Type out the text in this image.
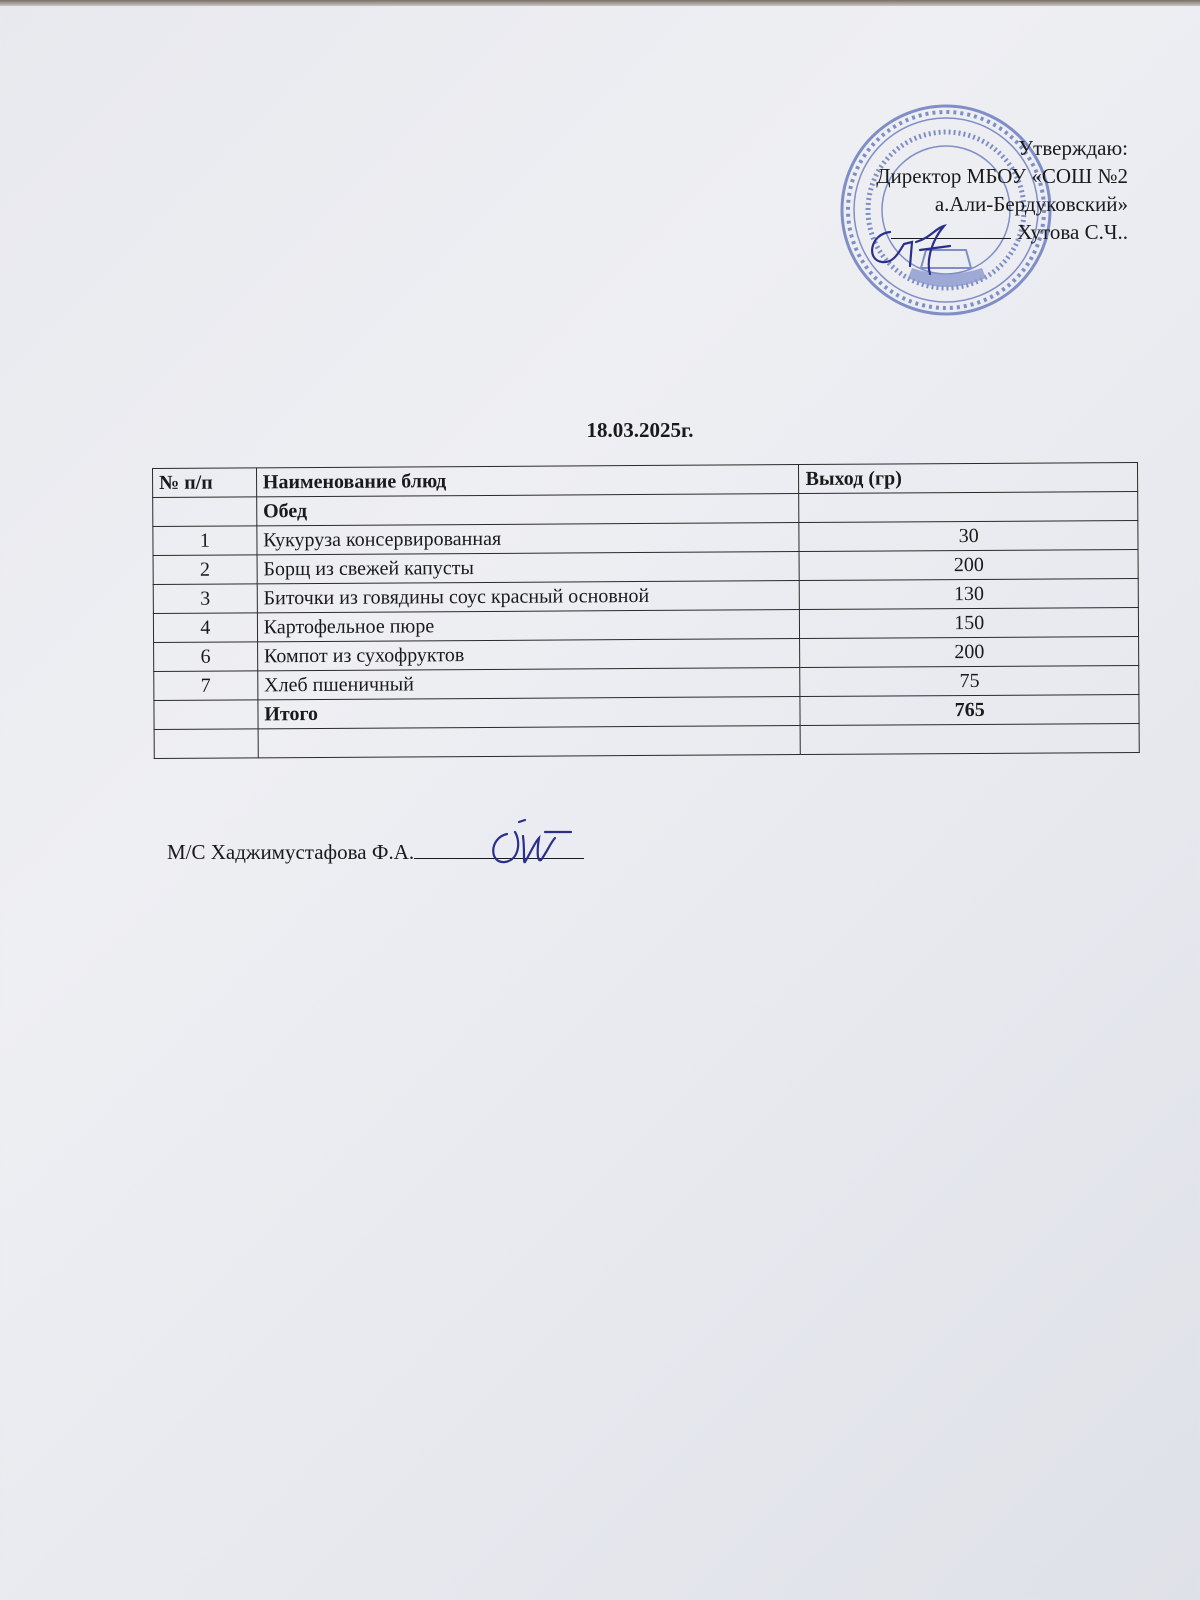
Утверждаю:
Директор МБОУ «СОШ №2
а.Али-Бердуковский»
Хутова С.Ч..
18.03.2025г.
№ п/п	Наименование блюд	Выход (гр)
	Обед	
1	Кукуруза консервированная	30
2	Борщ из свежей капусты	200
3	Биточки из говядины соус красный основной	130
4	Картофельное пюре	150
6	Компот из сухофруктов	200
7	Хлеб пшеничный	75
	Итого	765

М/С Хаджимустафова Ф.А.
